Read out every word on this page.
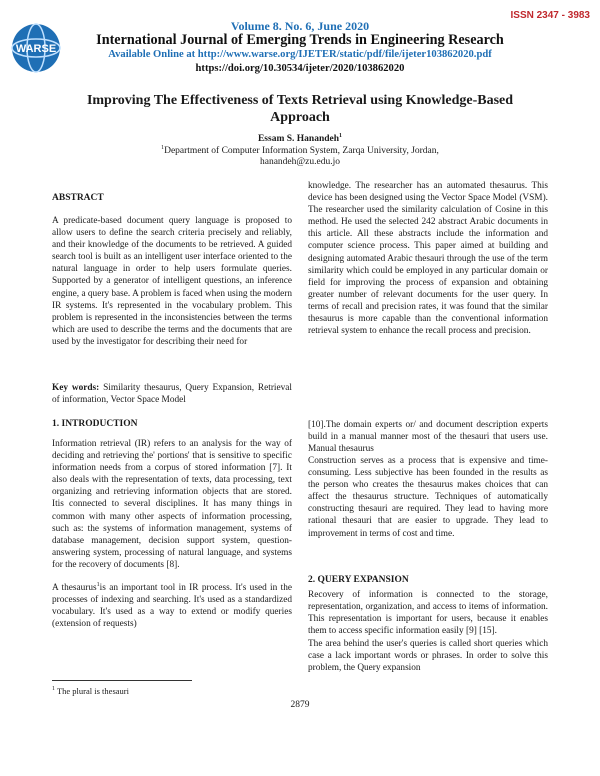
WARSE
ISSN 2347 - 3983
Volume 8. No. 6, June 2020
International Journal of Emerging Trends in Engineering Research
Available Online at http://www.warse.org/IJETER/static/pdf/file/ijeter103862020.pdf
https://doi.org/10.30534/ijeter/2020/103862020
Improving The Effectiveness of Texts Retrieval using Knowledge-Based Approach
Essam S. Hanandeh$^1$
$^1$Department of Computer Information System, Zarqa University, Jordan,
hanandeh@zu.edu.jo
ABSTRACT
A predicate-based document query language is proposed to allow users to define the search criteria precisely and reliably, and their knowledge of the documents to be retrieved. A guided search tool is built as an intelligent user interface oriented to the natural language in order to help users formulate queries. Supported by a generator of intelligent questions, an inference engine, a query base. A problem is faced when using the modern IR systems. It's represented in the vocabulary problem. This problem is represented in the inconsistencies between the terms which are used to describe the terms and the documents that are used by the investigator for describing their need for
Key words: Similarity thesaurus, Query Expansion, Retrieval of information, Vector Space Model
1. INTRODUCTION
Information retrieval (IR) refers to an analysis for the way of deciding and retrieving the' portions' that is sensitive to specific information needs from a corpus of stored information [7]. It also deals with the representation of texts, data processing, text organizing and retrieving information objects that are stored. Itis connected to several disciplines. It has many things in common with many other aspects of information processing, such as: the systems of information management, systems of database management, decision support system, question-answering system, processing of natural language, and systems for the recovery of documents [8].
A thesaurus$^1$is an important tool in IR process. It's used in the processes of indexing and searching. It's used as a standardized vocabulary. It's used as a way to extend or modify queries (extension of requests)
knowledge. The researcher has an automated thesaurus. This device has been designed using the Vector Space Model (VSM). The researcher used the similarity calculation of Cosine in this method. He used the selected 242 abstract Arabic documents in this article. All these abstracts include the information and computer science process. This paper aimed at building and designing automated Arabic thesauri through the use of the term similarity which could be employed in any particular domain or field for improving the process of expansion and obtaining greater number of relevant documents for the user query. In terms of recall and precision rates, it was found that the similar thesaurus is more capable than the conventional information retrieval system to enhance the recall process and precision.
[10].The domain experts or/ and document description experts build in a manual manner most of the thesauri that users use. Manual thesaurus
Construction serves as a process that is expensive and time-consuming. Less subjective has been founded in the results as the person who creates the thesaurus makes choices that can affect the thesaurus structure. Techniques of automatically constructing thesauri are required. They lead to having more rational thesauri that are easier to upgrade. They lead to improvement in terms of cost and time.
2. QUERY EXPANSION
Recovery of information is connected to the storage, representation, organization, and access to items of information. This representation is important for users, because it enables them to access specific information easily [9] [15].
The area behind the user's queries is called short queries which case a lack important words or phrases. In order to solve this problem, the Query expansion
$^1$ The plural is thesauri
2879
